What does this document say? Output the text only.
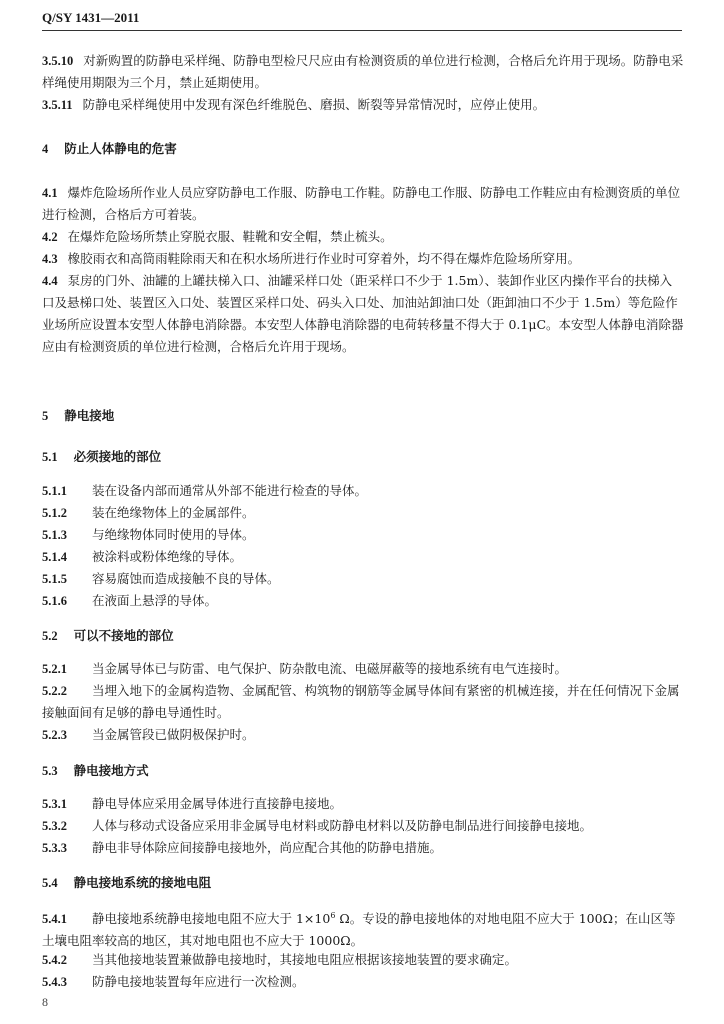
Q/SY 1431—2011
3.5.10 对新购置的防静电采样绳、防静电型检尺尺应由有检测资质的单位进行检测，合格后允许用于现场。防静电采样绳使用期限为三个月，禁止延期使用。
3.5.11 防静电采样绳使用中发现有深色纤维脱色、磨损、断裂等异常情况时，应停止使用。
4 防止人体静电的危害
4.1 爆炸危险场所作业人员应穿防静电工作服、防静电工作鞋。防静电工作服、防静电工作鞋应由有检测资质的单位进行检测，合格后方可着装。
4.2 在爆炸危险场所禁止穿脱衣服、鞋靴和安全帽，禁止梳头。
4.3 橡胶雨衣和高筒雨鞋除雨天和在积水场所进行作业时可穿着外，均不得在爆炸危险场所穿用。
4.4 泵房的门外、油罐的上罐扶梯入口、油罐采样口处（距采样口不少于 1.5m）、装卸作业区内操作平台的扶梯入口及悬梯口处、装置区入口处、装置区采样口处、码头入口处、加油站卸油口处（距卸油口不少于 1.5m）等危险作业场所应设置本安型人体静电消除器。本安型人体静电消除器的电荷转移量不得大于 0.1μC。本安型人体静电消除器应由有检测资质的单位进行检测，合格后允许用于现场。
5 静电接地
5.1 必须接地的部位
5.1.1 装在设备内部而通常从外部不能进行检查的导体。
5.1.2 装在绝缘物体上的金属部件。
5.1.3 与绝缘物体同时使用的导体。
5.1.4 被涂料或粉体绝缘的导体。
5.1.5 容易腐蚀而造成接触不良的导体。
5.1.6 在液面上悬浮的导体。
5.2 可以不接地的部位
5.2.1 当金属导体已与防雷、电气保护、防杂散电流、电磁屏蔽等的接地系统有电气连接时。
5.2.2 当埋入地下的金属构造物、金属配管、构筑物的钢筋等金属导体间有紧密的机械连接，并在任何情况下金属接触面间有足够的静电导通性时。
5.2.3 当金属管段已做阴极保护时。
5.3 静电接地方式
5.3.1 静电导体应采用金属导体进行直接静电接地。
5.3.2 人体与移动式设备应采用非金属导电材料或防静电材料以及防静电制品进行间接静电接地。
5.3.3 静电非导体除应间接静电接地外，尚应配合其他的防静电措施。
5.4 静电接地系统的接地电阻
5.4.1 静电接地系统静电接地电阻不应大于 $1\times 10^6$ Ω。专设的静电接地体的对地电阻不应大于 100Ω；在山区等土壤电阻率较高的地区，其对地电阻也不应大于 1000Ω。
5.4.2 当其他接地装置兼做静电接地时，其接地电阻应根据该接地装置的要求确定。
5.4.3 防静电接地装置每年应进行一次检测。
8
